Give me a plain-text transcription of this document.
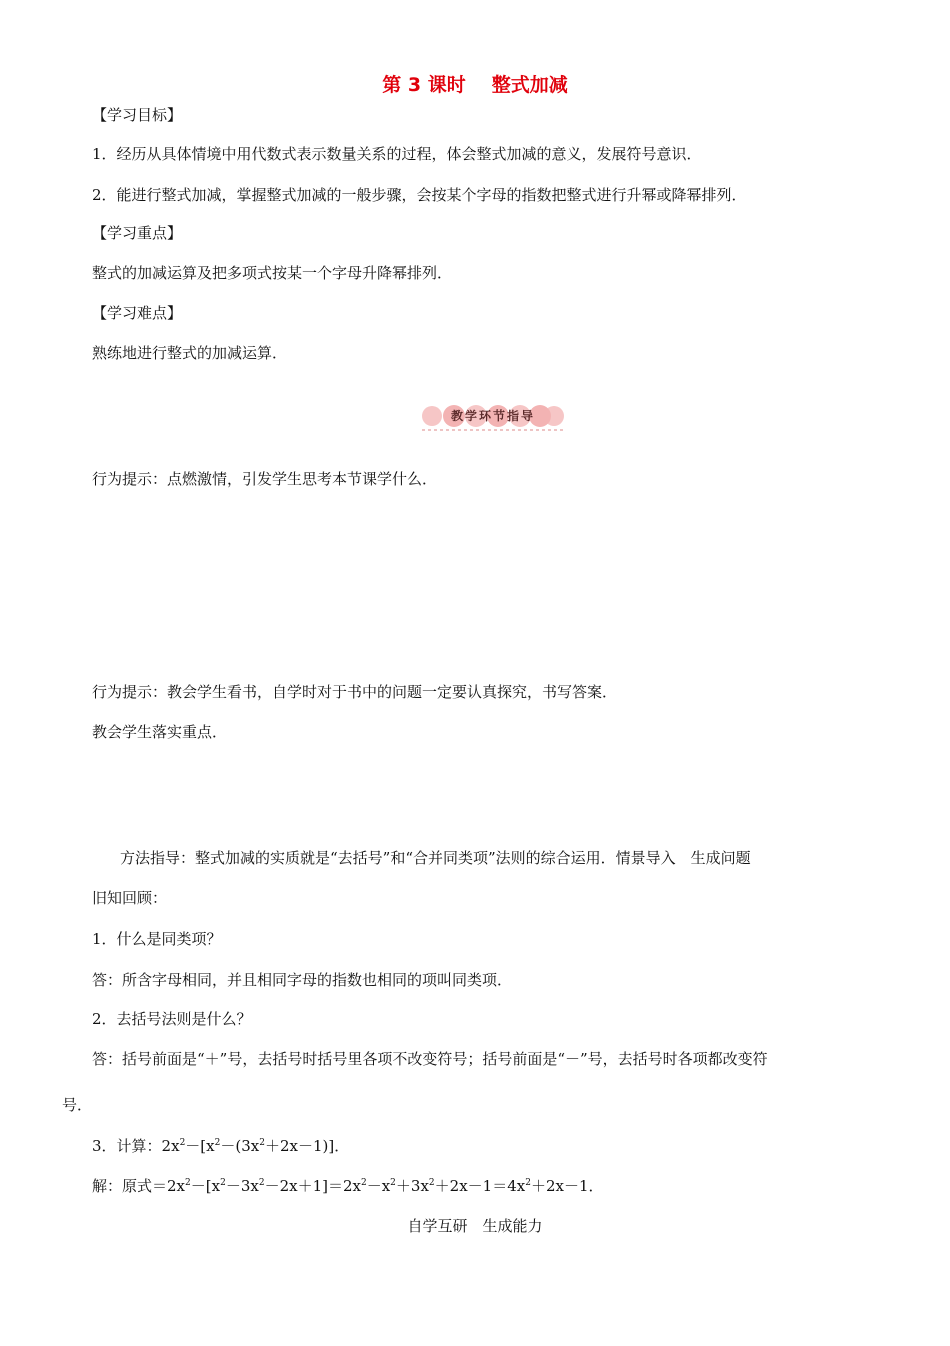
第 3 课时 整式加减
【学习目标】
1．经历从具体情境中用代数式表示数量关系的过程，体会整式加减的意义，发展符号意识．
2．能进行整式加减，掌握整式加减的一般步骤，会按某个字母的指数把整式进行升幂或降幂排列．
【学习重点】
整式的加减运算及把多项式按某一个字母升降幂排列．
【学习难点】
熟练地进行整式的加减运算．
教学环节指导
行为提示：点燃激情，引发学生思考本节课学什么．
行为提示：教会学生看书，自学时对于书中的问题一定要认真探究，书写答案．
教会学生落实重点．
方法指导：整式加减的实质就是“去括号”和“合并同类项”法则的综合运用．情景导入　生成问题
旧知回顾：
1．什么是同类项？
答：所含字母相同，并且相同字母的指数也相同的项叫同类项．
2．去括号法则是什么？
答：括号前面是“＋”号，去括号时括号里各项不改变符号；括号前面是“－”号，去括号时各项都改变符
号．
3．计算：$2x^2-[x^2-(3x^2+2x-1)]$．
解：原式$=2x^2-[x^2-3x^2-2x+1]=2x^2-x^2+3x^2+2x-1=4x^2+2x-1$．
自学互研　生成能力
